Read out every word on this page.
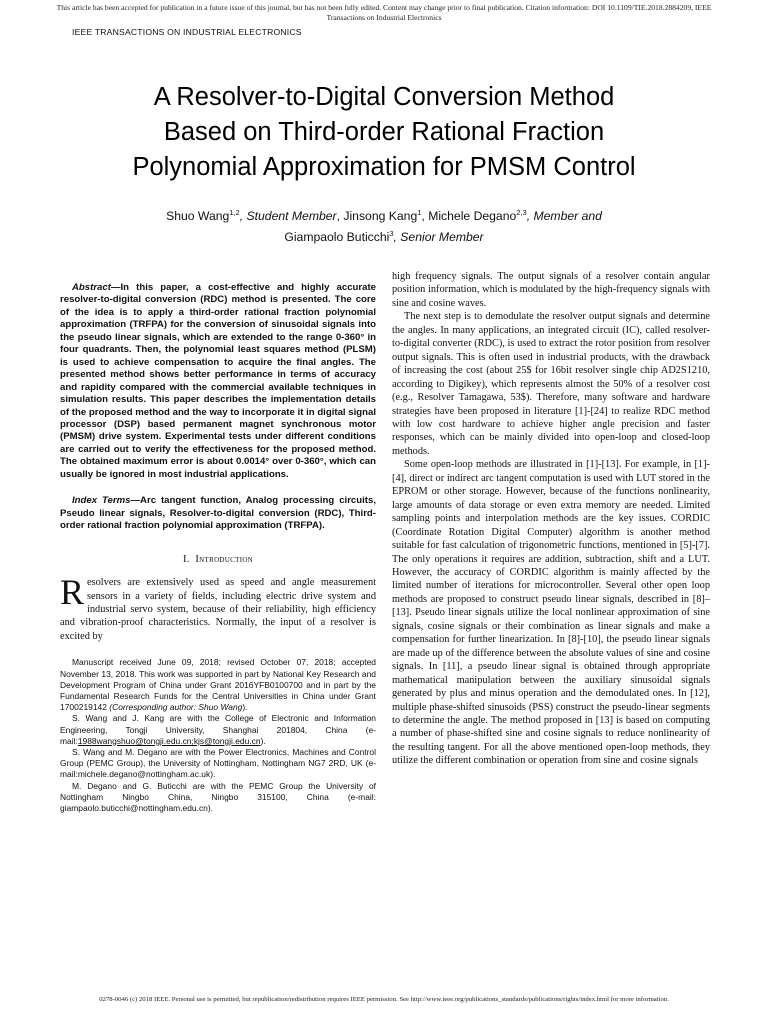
This article has been accepted for publication in a future issue of this journal, but has not been fully edited. Content may change prior to final publication. Citation information: DOI 10.1109/TIE.2018.2884209, IEEE
Transactions on Industrial Electronics
IEEE TRANSACTIONS ON INDUSTRIAL ELECTRONICS
A Resolver-to-Digital Conversion Method
Based on Third-order Rational Fraction
Polynomial Approximation for PMSM Control
Shuo Wang$^{1,2}$, Student Member, Jinsong Kang$^1$, Michele Degano$^{2,3}$, Member and
Giampaolo Buticchi$^3$, Senior Member

Abstract—In this paper, a cost-effective and highly accurate resolver-to-digital conversion (RDC) method is presented. The core of the idea is to apply a third-order rational fraction polynomial approximation (TRFPA) for the conversion of sinusoidal signals into the pseudo linear signals, which are extended to the range 0-360° in four quadrants. Then, the polynomial least squares method (PLSM) is used to achieve compensation to acquire the final angles. The presented method shows better performance in terms of accuracy and rapidity compared with the commercial available techniques in simulation results. This paper describes the implementation details of the proposed method and the way to incorporate it in digital signal processor (DSP) based permanent magnet synchronous motor (PMSM) drive system. Experimental tests under different conditions are carried out to verify the effectiveness for the proposed method. The obtained maximum error is about 0.0014° over 0-360°, which can usually be ignored in most industrial applications.

Index Terms—Arc tangent function, Analog processing circuits, Pseudo linear signals, Resolver-to-digital conversion (RDC), Third-order rational fraction polynomial approximation (TRFPA).

I. Introduction

Resolvers are extensively used as speed and angle measurement sensors in a variety of fields, including electric drive system and industrial servo system, because of their reliability, high efficiency and vibration-proof characteristics. Normally, the input of a resolver is excited by

Manuscript received June 09, 2018; revised October 07, 2018; accepted November 13, 2018. This work was supported in part by National Key Research and Development Program of China under Grant 2016YFB0100700 and in part by the Fundamental Research Funds for the Central Universities in China under Grant 1700219142 (Corresponding author: Shuo Wang).

S. Wang and J. Kang are with the College of Electronic and Information Engineering, Tongji University, Shanghai 201804, China (e-mail:1988wangshuo@tongji.edu.cn;kjs@tongji.edu.cn).

S. Wang and M. Degano are with the Power Electronics, Machines and Control Group (PEMC Group), the University of Nottingham, Nottingham NG7 2RD, UK (e-mail:michele.degano@nottingham.ac.uk).

M. Degano and G. Buticchi are with the PEMC Group the University of Nottingham Ningbo China, Ningbo 315100, China (e-mail: giampaolo.buticchi@nottingham.edu.cn).

high frequency signals. The output signals of a resolver contain angular position information, which is modulated by the high-frequency signals with sine and cosine waves.

The next step is to demodulate the resolver output signals and determine the angles. In many applications, an integrated circuit (IC), called resolver-to-digital converter (RDC), is used to extract the rotor position from resolver output signals. This is often used in industrial products, with the drawback of increasing the cost (about 25$ for 16bit resolver single chip AD2S1210, according to Digikey), which represents almost the 50% of a resolver cost (e.g., Resolver Tamagawa, 53$). Therefore, many software and hardware strategies have been proposed in literature [1]-[24] to realize RDC method with low cost hardware to achieve higher angle precision and faster responses, which can be mainly divided into open-loop and closed-loop methods.

Some open-loop methods are illustrated in [1]-[13]. For example, in [1]-[4], direct or indirect arc tangent computation is used with LUT stored in the EPROM or other storage. However, because of the functions nonlinearity, large amounts of data storage or even extra memory are needed. Limited sampling points and interpolation methods are the key issues. CORDIC (Coordinate Rotation Digital Computer) algorithm is another method suitable for fast calculation of trigonometric functions, mentioned in [5]-[7]. The only operations it requires are addition, subtraction, shift and a LUT. However, the accuracy of CORDIC algorithm is mainly affected by the limited number of iterations for microcontroller. Several other open loop methods are proposed to construct pseudo linear signals, described in [8]–[13]. Pseudo linear signals utilize the local nonlinear approximation of sine signals, cosine signals or their combination as linear signals and make a compensation for further linearization. In [8]-[10], the pseudo linear signals are made up of the difference between the absolute values of sine and cosine signals. In [11], a pseudo linear signal is obtained through appropriate mathematical manipulation between the auxiliary sinusoidal signals generated by plus and minus operation and the demodulated ones. In [12], multiple phase-shifted sinusoids (PSS) construct the pseudo-linear segments to determine the angle. The method proposed in [13] is based on computing a number of phase-shifted sine and cosine signals to reduce nonlinearity of the resulting tangent. For all the above mentioned open-loop methods, they utilize the different combination or operation from sine and cosine signals

0278-0046 (c) 2018 IEEE. Personal use is permitted, but republication/redistribution requires IEEE permission. See http://www.ieee.org/publications_standards/publications/rights/index.html for more information.
